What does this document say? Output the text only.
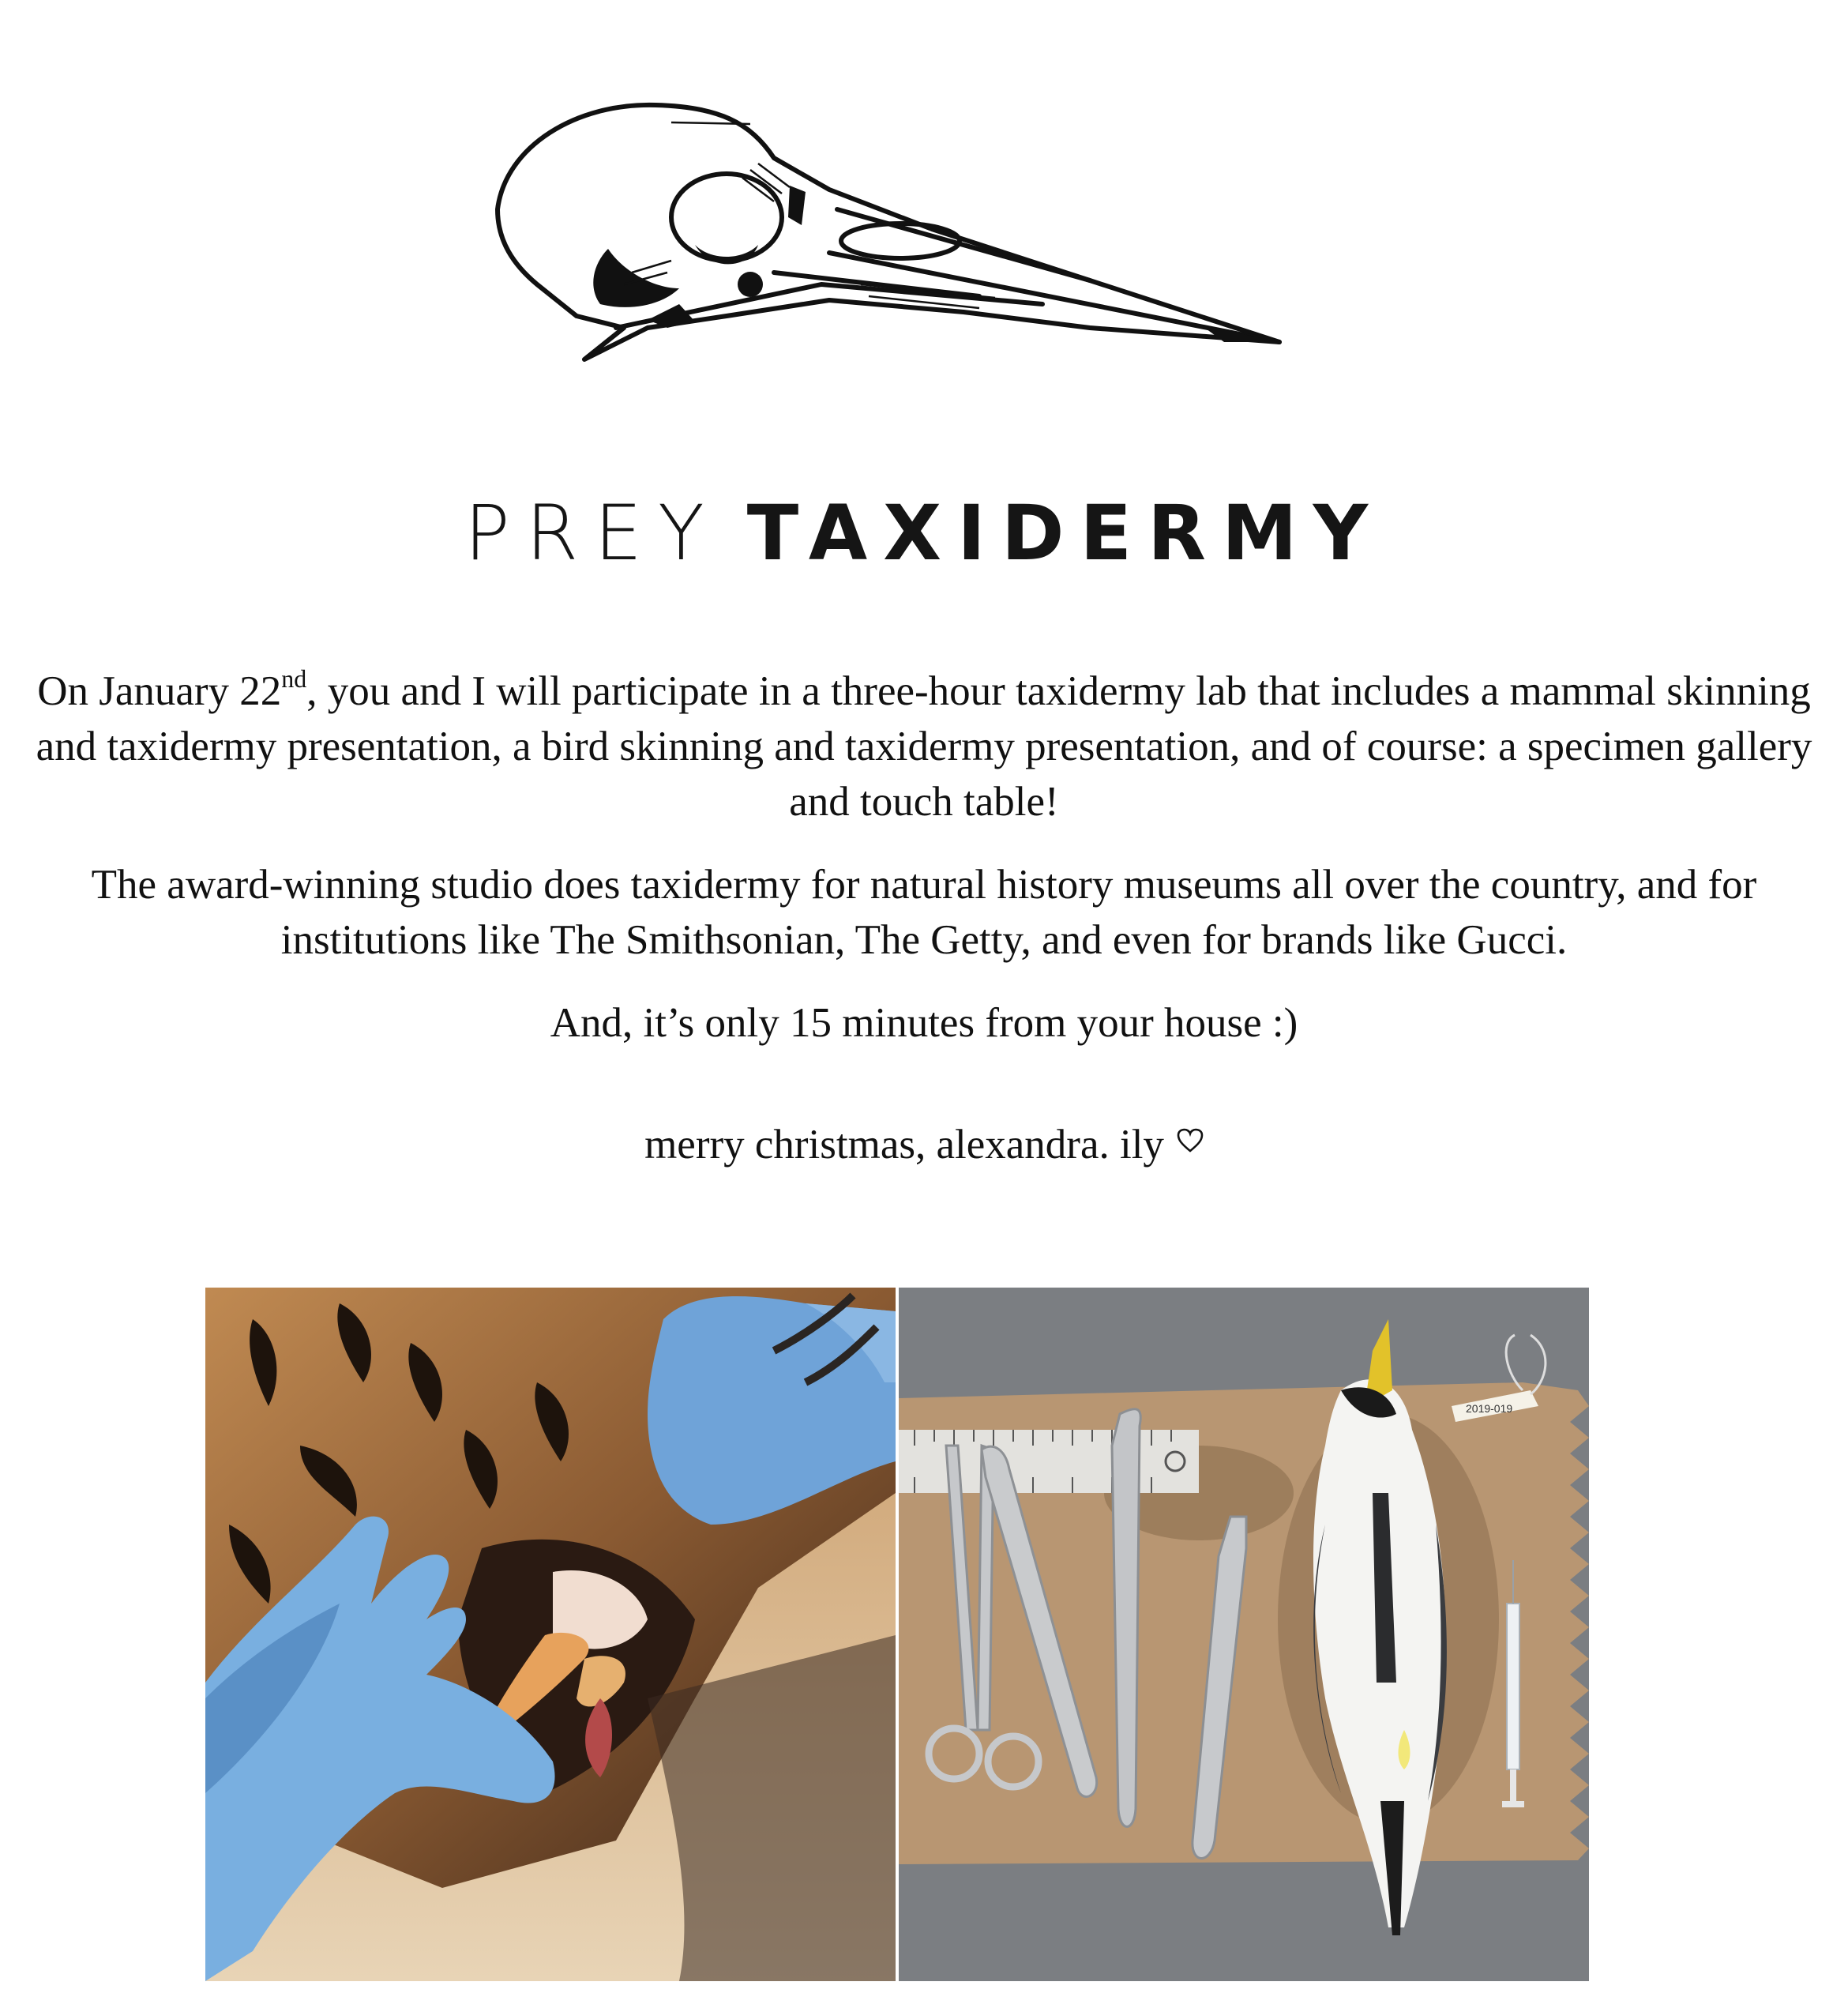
PREY TAXIDERMY
On January 22nd, you and I will participate in a three-hour taxidermy lab that includes a mammal skinning and taxidermy presentation, a bird skinning and taxidermy presentation, and of course: a specimen gallery and touch table!
The award-winning studio does taxidermy for natural history museums all over the country, and for institutions like The Smithsonian, The Getty, and even for brands like Gucci.
And, it’s only 15 minutes from your house :)
merry christmas, alexandra. ily
2019-019
